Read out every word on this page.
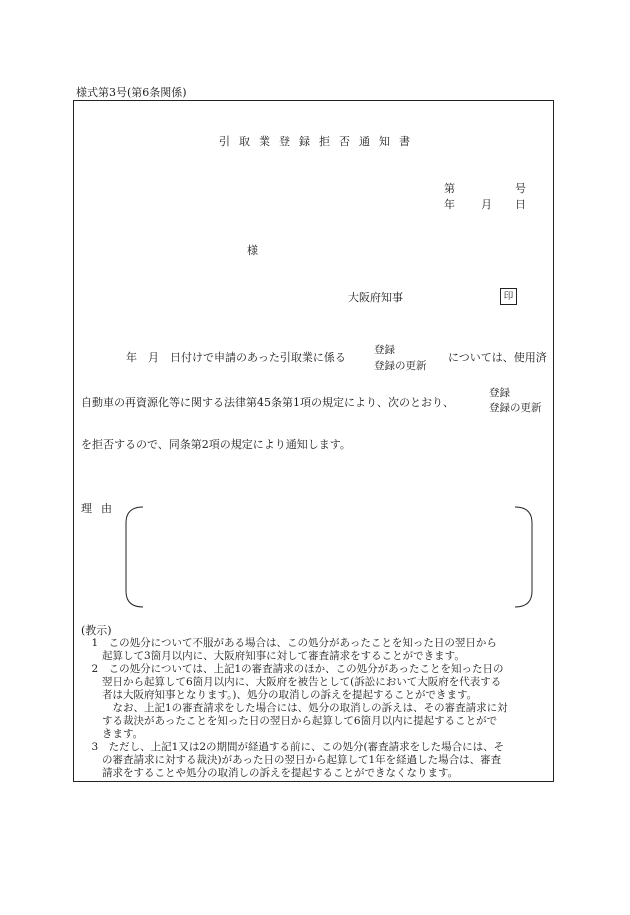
様式第3号(第6条関係)
引取業登録拒否通知書
第	号
年 月 日
様
大阪府知事	印
年　月　日付けで申請のあった引取業に係る
登録
登録の更新
については、使用済
自動車の再資源化等に関する法律第45条第1項の規定により、次のとおり、
登録
登録の更新
を拒否するので、同条第2項の規定により通知します。
理由
(教示)
　1　この処分について不服がある場合は、この処分があったことを知った日の翌日から
　　起算して3箇月以内に、大阪府知事に対して審査請求をすることができます。
　2　この処分については、上記1の審査請求のほか、この処分があったことを知った日の
　　翌日から起算して6箇月以内に、大阪府を被告として(訴訟において大阪府を代表する
　　者は大阪府知事となります。)、処分の取消しの訴えを提起することができます。
　　　なお、上記1の審査請求をした場合には、処分の取消しの訴えは、その審査請求に対
　　する裁決があったことを知った日の翌日から起算して6箇月以内に提起することがで
　　きます。
　3　ただし、上記1又は2の期間が経過する前に、この処分(審査請求をした場合には、そ
　　の審査請求に対する裁決)があった日の翌日から起算して1年を経過した場合は、審査
　　請求をすることや処分の取消しの訴えを提起することができなくなります。
